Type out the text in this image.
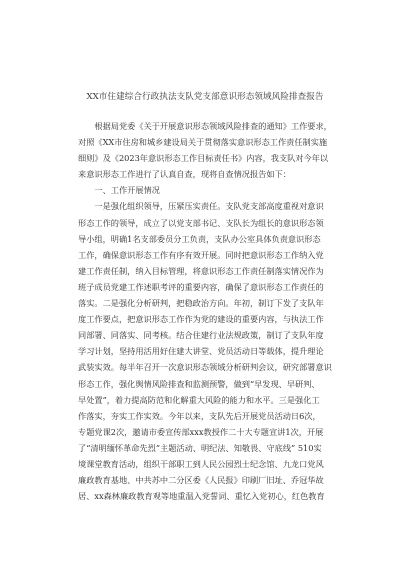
XX市住建综合行政执法支队党支部意识形态领域风险排查报告
　　根据局党委《关于开展意识形态领域风险排查的通知》工作要求，
对照《XX市住房和城乡建设局关于贯彻落实意识形态工作责任制实施
细则》及《2023年意识形态工作目标责任书》内容，我支队对今年以
来意识形态工作进行了认真自查，现将自查情况报告如下：
　　一、工作开展情况
　　一是强化组织领导，压紧压实责任。支队党支部高度重视对意识
形态工作的领导，成立了以党支部书记、支队长为组长的意识形态领
导小组，明确1名支部委员分工负责，支队办公室具体负责意识形态
工作，确保意识形态工作有序有效开展。同时把意识形态工作纳入党
建工作责任制，纳入目标管理，将意识形态工作责任制落实情况作为
班子成员党建工作述职考评的重要内容，确保了意识形态工作责任的
落实。二是强化分析研判，把稳政治方向。年初，制订下发了支队年
度工作要点，把意识形态工作作为党的建设的重要内容，与执法工作
同部署、同落实、同考核。结合住建行业法规政策，制订了支队年度
学习计划，坚持用活用好住建大讲堂、党员活动日等载体，提升理论
武装实效。每半年召开一次意识形态领域分析研判会议，研究部署意识
形态工作，强化舆情风险排查和监测预警，做到“早发现、早研判、
早处置”，着力提高防范和化解重大风险的能力和水平。三是强化工
作落实，夯实工作实效。今年以来，支队先后开展党员活动日6次，
专题党课2次，邀请市委宣传部xxx教授作二十大专题宣讲1次，开展
了“清明缅怀革命先烈”主题活动、明纪法、知敬畏、守底线” 510实
境课堂教育活动，组织干部职工到人民公园烈士纪念馆、九龙口党风
廉政教育基地、中共苏中二分区委《人民报》印刷厂旧址、乔冠华故
居、xx森林廉政教育观等地重温入党誓词、重忆入党初心，红色教育
